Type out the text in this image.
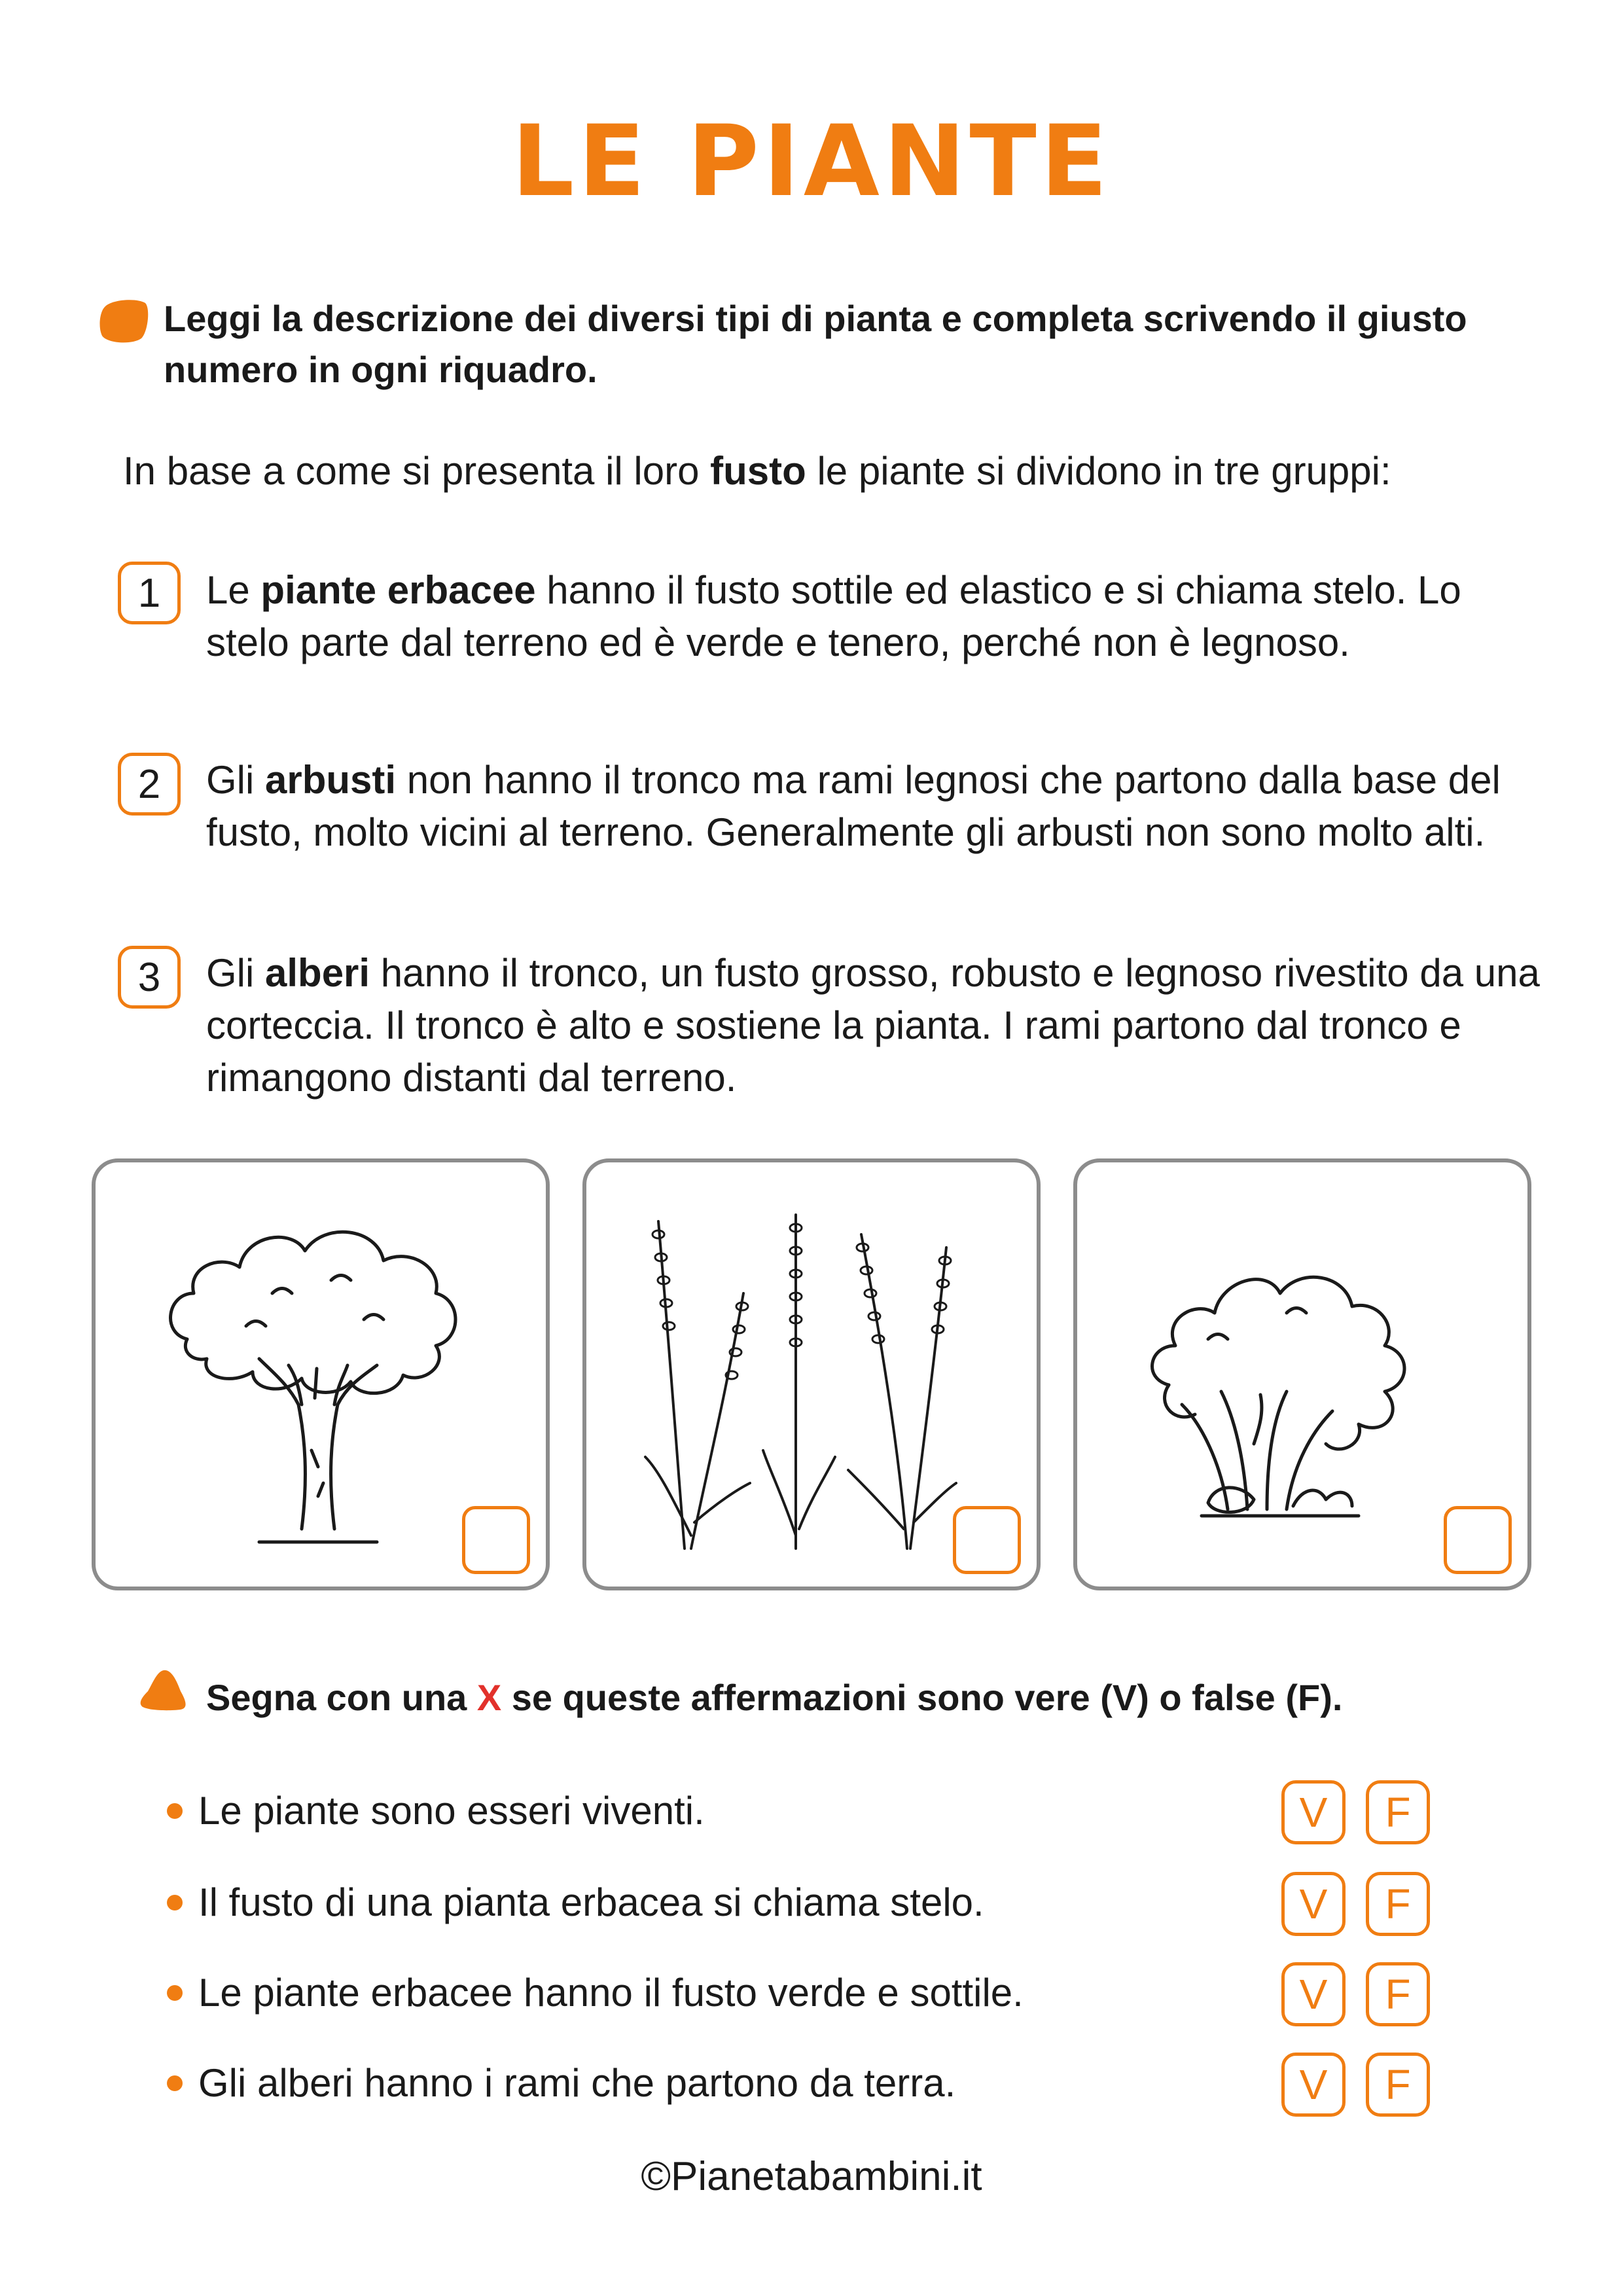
LE PIANTE
Leggi la descrizione dei diversi tipi di pianta e completa scrivendo il giusto numero in ogni riquadro.
In base a come si presenta il loro fusto le piante si dividono in tre gruppi:
1	Le piante erbacee hanno il fusto sottile ed elastico e si chiama stelo. Lo stelo parte dal terreno ed è verde e tenero, perché non è legnoso.
2	Gli arbusti non hanno il tronco ma rami legnosi che partono dalla base del fusto, molto vicini al terreno. Generalmente gli arbusti non sono molto alti.
3	Gli alberi hanno il tronco, un fusto grosso, robusto e legnoso rivestito da una corteccia. Il tronco è alto e sostiene la pianta. I rami partono dal tronco e rimangono distanti dal terreno.
Segna con una X se queste affermazioni sono vere (V) o false (F).
Le piante sono esseri viventi.	V	F
Il fusto di una pianta erbacea si chiama stelo.	V	F
Le piante erbacee hanno il fusto verde e sottile.	V	F
Gli alberi hanno i rami che partono da terra.	V	F
©Pianetabambini.it
